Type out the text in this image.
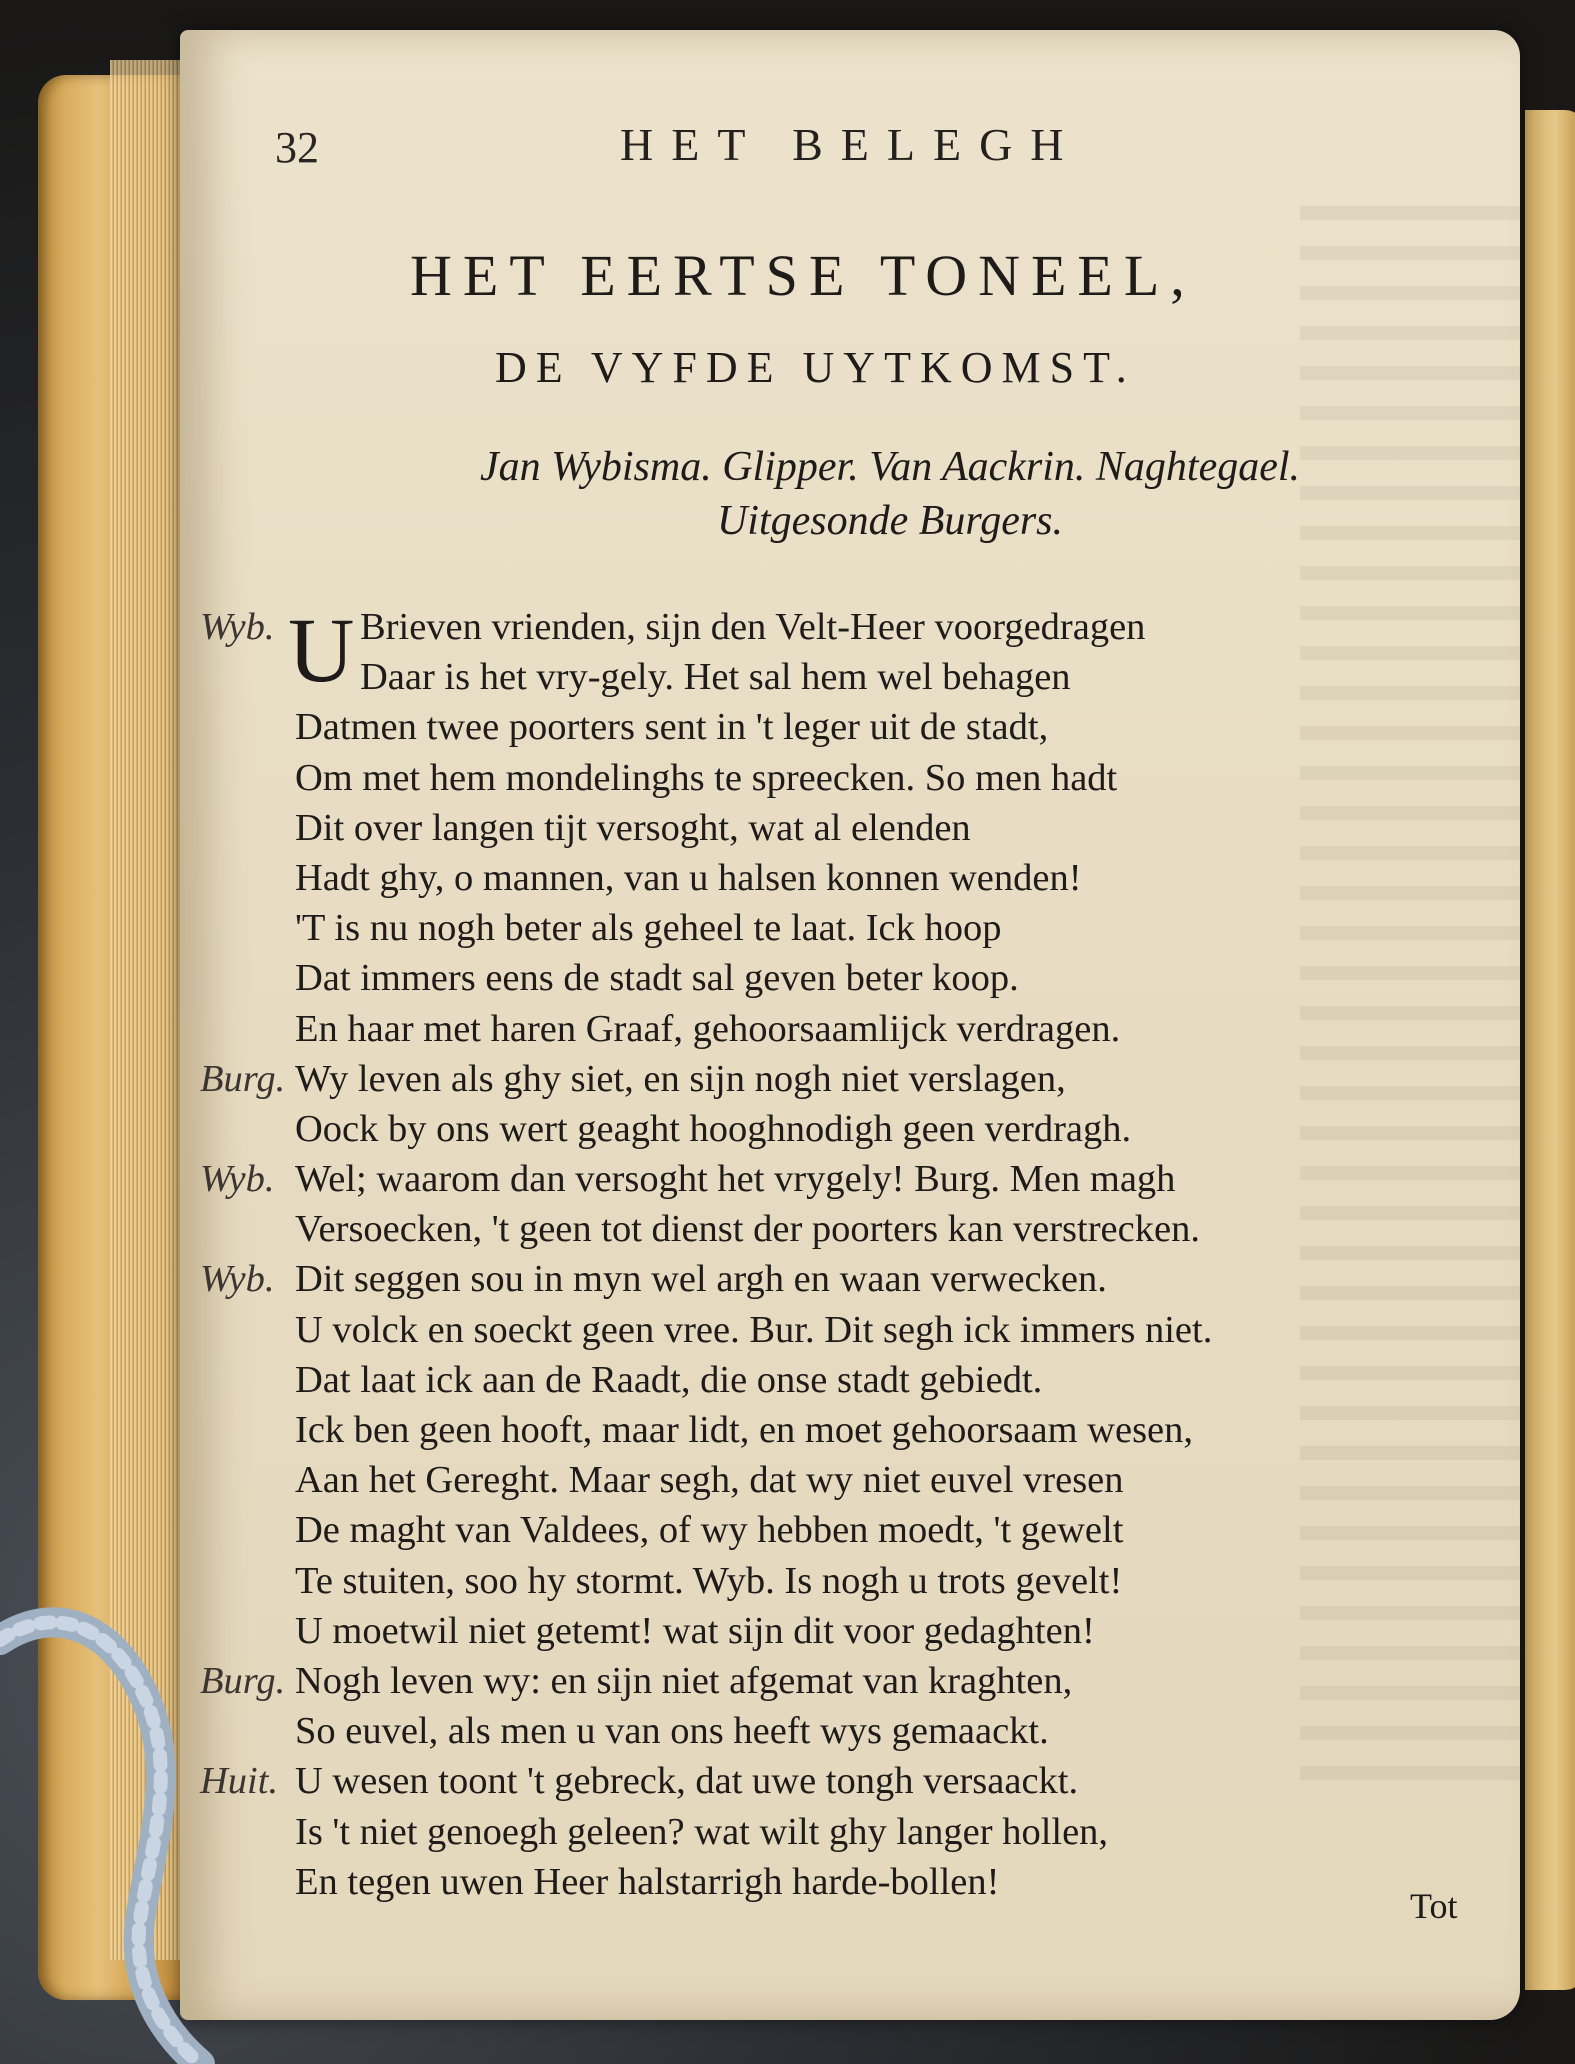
32	HET BELEGH
HET EERTSE TONEEL,
DE VYFDE UYTKOMST.
Jan Wybisma. Glipper. Van Aackrin. Naghtegael.
Uitgesonde Burgers.
U
Wyb. Brieven vrienden, sijn den Velt-Heer voorgedragen
Daar is het vry-gely. Het sal hem wel behagen
Datmen twee poorters sent in 't leger uit de stadt,
Om met hem mondelinghs te spreecken. So men hadt
Dit over langen tijt versoght, wat al elenden
Hadt ghy, o mannen, van u halsen konnen wenden!
'T is nu nogh beter als geheel te laat. Ick hoop
Dat immers eens de stadt sal geven beter koop.
En haar met haren Graaf, gehoorsaamlijck verdragen.
Burg. Wy leven als ghy siet, en sijn nogh niet verslagen,
Oock by ons wert geaght hooghnodigh geen verdragh.
Wyb. Wel; waarom dan versoght het vrygely! Burg. Men magh
Versoecken, 't geen tot dienst der poorters kan verstrecken.
Wyb. Dit seggen sou in myn wel argh en waan verwecken.
U volck en soeckt geen vree. Bur. Dit segh ick immers niet.
Dat laat ick aan de Raadt, die onse stadt gebiedt.
Ick ben geen hooft, maar lidt, en moet gehoorsaam wesen,
Aan het Gereght. Maar segh, dat wy niet euvel vresen
De maght van Valdees, of wy hebben moedt, 't gewelt
Te stuiten, soo hy stormt. Wyb. Is nogh u trots gevelt!
U moetwil niet getemt! wat sijn dit voor gedaghten!
Burg. Nogh leven wy: en sijn niet afgemat van kraghten,
So euvel, als men u van ons heeft wys gemaackt.
Huit. U wesen toont 't gebreck, dat uwe tongh versaackt.
Is 't niet genoegh geleen? wat wilt ghy langer hollen,
En tegen uwen Heer halstarrigh harde-bollen!
Tot
